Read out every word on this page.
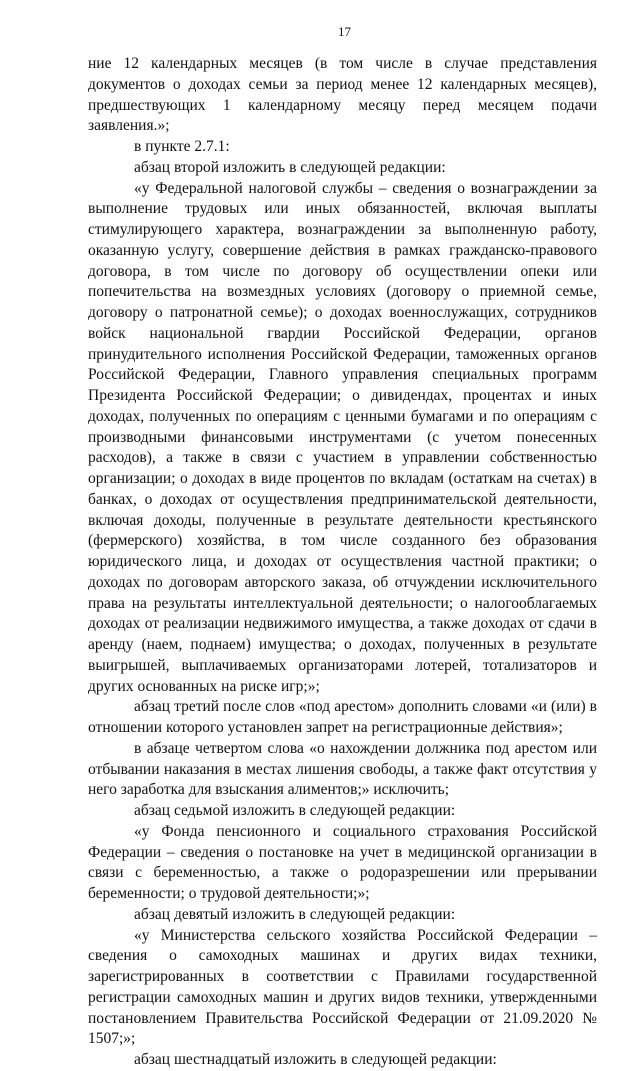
17

ние 12 календарных месяцев (в том числе в случае представления документов о доходах семьи за период менее 12 календарных месяцев), предшествующих 1 календарному месяцу перед месяцем подачи заявления.»;

в пункте 2.7.1:

абзац второй изложить в следующей редакции:

«у Федеральной налоговой службы – сведения о вознаграждении за выполнение трудовых или иных обязанностей, включая выплаты стимулирующего характера, вознаграждении за выполненную работу, оказанную услугу, совершение действия в рамках гражданско-правового договора, в том числе по договору об осуществлении опеки или попечительства на возмездных условиях (договору о приемной семье, договору о патронатной семье); о доходах военнослужащих, сотрудников войск национальной гвардии Российской Федерации, органов принудительного исполнения Российской Федерации, таможенных органов Российской Федерации, Главного управления специальных программ Президента Российской Федерации; о дивидендах, процентах и иных доходах, полученных по операциям с ценными бумагами и по операциям с производными финансовыми инструментами (с учетом понесенных расходов), а также в связи с участием в управлении собственностью организации; о доходах в виде процентов по вкладам (остаткам на счетах) в банках, о доходах от осуществления предпринимательской деятельности, включая доходы, полученные в результате деятельности крестьянского (фермерского) хозяйства, в том числе созданного без образования юридического лица, и доходах от осуществления частной практики; о доходах по договорам авторского заказа, об отчуждении исключительного права на результаты интеллектуальной деятельности; о налогооблагаемых доходах от реализации недвижимого имущества, а также доходах от сдачи в аренду (наем, поднаем) имущества; о доходах, полученных в результате выигрышей, выплачиваемых организаторами лотерей, тотализаторов и других основанных на риске игр;»;

абзац третий после слов «под арестом» дополнить словами «и (или) в отношении которого установлен запрет на регистрационные действия»;

в абзаце четвертом слова «о нахождении должника под арестом или отбывании наказания в местах лишения свободы, а также факт отсутствия у него заработка для взыскания алиментов;» исключить;

абзац седьмой изложить в следующей редакции:

«у Фонда пенсионного и социального страхования Российской Федерации – сведения о постановке на учет в медицинской организации в связи с беременностью, а также о родоразрешении или прерывании беременности; о трудовой деятельности;»;

абзац девятый изложить в следующей редакции:

«у Министерства сельского хозяйства Российской Федерации – сведения о самоходных машинах и других видах техники, зарегистрированных в соответствии с Правилами государственной регистрации самоходных машин и других видов техники, утвержденными постановлением Правительства Российской Федерации от 21.09.2020 № 1507;»;

абзац шестнадцатый изложить в следующей редакции:
